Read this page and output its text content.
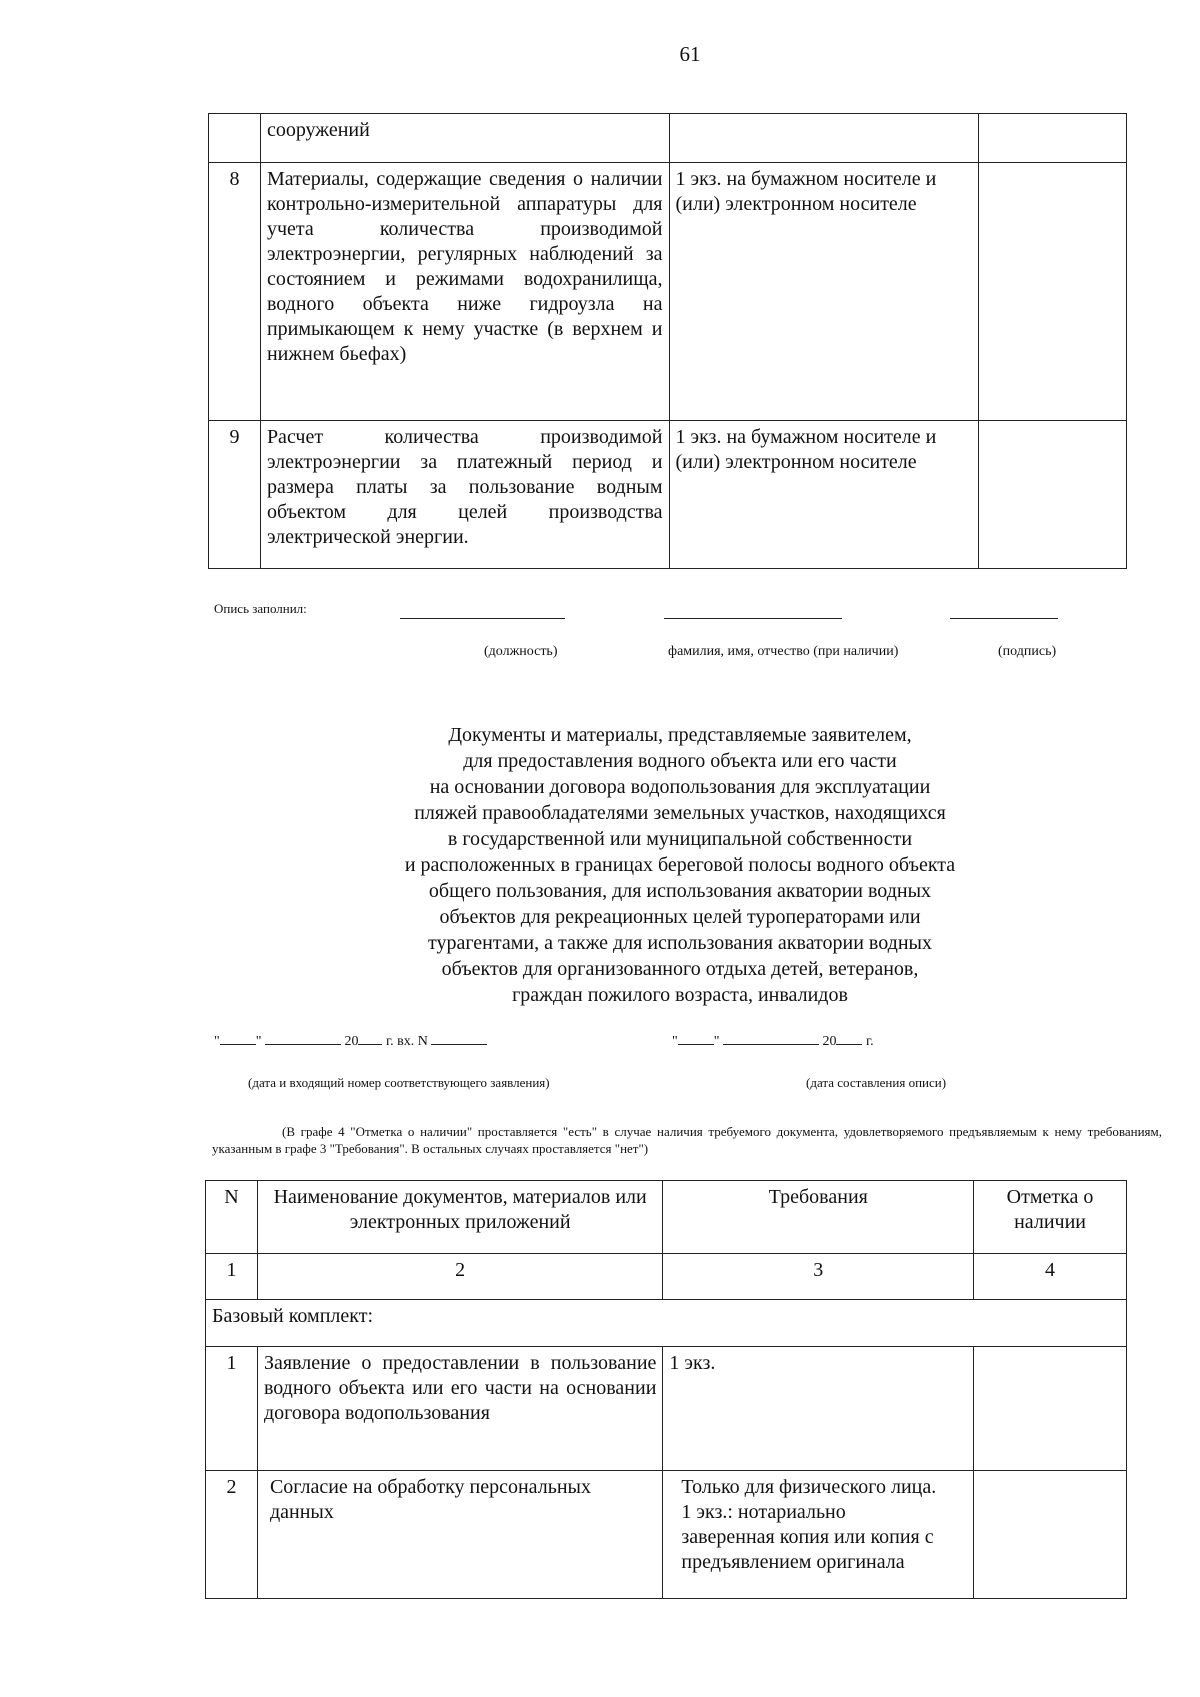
61
	сооружений		
8	Материалы, содержащие сведения о наличии контрольно-измерительной аппаратуры для учета количества производимой электроэнергии, регулярных наблюдений за состоянием и режимами водохранилища, водного объекта ниже гидроузла на примыкающем к нему участке (в верхнем и нижнем бьефах)	1 экз. на бумажном носителе и (или) электронном носителе	
9	Расчет количества производимой электроэнергии за платежный период и размера платы за пользование водным объектом для целей производства электрической энергии.	1 экз. на бумажном носителе и (или) электронном носителе	
Опись заполнил:
(должность)	фамилия, имя, отчество (при наличии)	(подпись)
Документы и материалы, представляемые заявителем,
для предоставления водного объекта или его части
на основании договора водопользования для эксплуатации
пляжей правообладателями земельных участков, находящихся
в государственной или муниципальной собственности
и расположенных в границах береговой полосы водного объекта
общего пользования, для использования акватории водных
объектов для рекреационных целей туроператорами или
турагентами, а также для использования акватории водных
объектов для организованного отдыха детей, ветеранов,
граждан пожилого возраста, инвалидов
"	"	20 г. вх. N	"	"	20 г.
(дата и входящий номер соответствующего заявления)	(дата составления описи)
(В графе 4 "Отметка о наличии" проставляется "есть" в случае наличия требуемого документа, удовлетворяемого предъявляемым к нему требованиям, указанным в графе 3 "Требования". В остальных случаях проставляется "нет")
N	Наименование документов, материалов или электронных приложений	Требования	Отметка о наличии
1	2	3	4
Базовый комплект:			
1	Заявление о предоставлении в пользование водного объекта или его части на основании договора водопользования	1 экз.	
2	Согласие на обработку персональных данных	Только для физического лица. 1 экз.: нотариально заверенная копия или копия с предъявлением оригинала	
